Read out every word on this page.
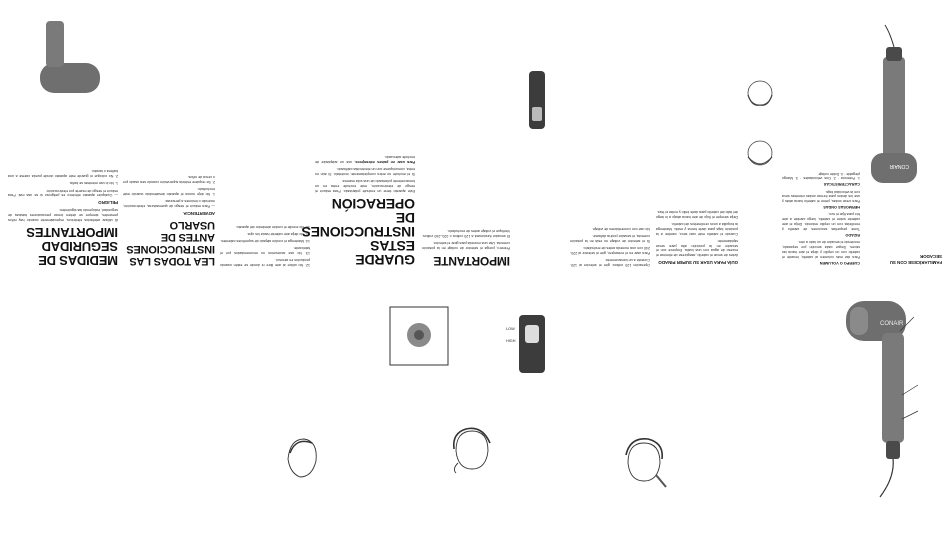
FAMILIARÍCESE CON SU SECADOR
CONAIR
CUERPO O VOLUMEN

Para dar más volumen al cabello, levante el cabello con un cepillo y dirija el aire hacia las raíces. Seque cada sección por separado, moviendo el secador de un lado a otro.

RIZADO

Tome pequeñas secciones de cabello y enróllelas con un cepillo redondo. Dirija el aire caliente sobre el cabello, luego cambie a aire frío para fijar el rizo.

HERMOSAS ONDAS

Para crear ondas, peine el cabello hacia atrás y use los dedos para formar ondas mientras seca con la velocidad baja.

CARACTERÍSTICAS

1. Potencia · 2. Dos velocidades · 3. Mango plegable · 4. Doble voltaje

GUÍA PARA USAR SU SUPER PINADO

Antes de secar el cabello, asegúrese de eliminar el exceso de agua con una toalla. Empiece con el secador en la posición alta para secar rápidamente.

Cuando el cabello esté casi seco, cambie a la posición baja para darle forma y estilo. Mantenga la boquilla a unos centímetros del cabello.

Dirija siempre el flujo de aire hacia abajo a lo largo del tallo del cabello para darle brillo y evitar el frizz.

Operación 120 voltios: gire el selector al 120. Conecte a un tomacorriente.

Para usar en el extranjero, gire el selector al 220-240 con una moneda antes de enchufarlo.

Si el selector de voltaje no está en la posición correcta, el secador podría dañarse.

No use con convertidores de voltaje.

IMPORTANTE

Primero, ponga el selector de voltaje en la posición correcta. Use una moneda para girar el selector.

El secador funcionará a 120 voltios o 220–240 voltios. Verifique el voltaje antes de enchufarlo.

GUARDE ESTAS INSTRUCCIONES DE OPERACIÓN

Este aparato tiene un enchufe polarizado. Para reducir el riesgo de electrocución, este enchufe entra en un tomacorriente polarizado de una sola manera.

Si el enchufe no entra completamente, inviértalo. Si aún no entra, comuníquese con un electricista calificado.

Para usar en países extranjeros, use un adaptador de enchufe adecuado.

12. No utilice al aire libre ni donde se estén usando productos en aerosol.

13. No use accesorios no recomendados por el fabricante.

14. Mantenga el cordón alejado de superficies calientes.

15. No dirija aire caliente hacia los ojos.

16. No enrolle el cordón alrededor del aparato.

LEA TODAS LAS INSTRUCCIONES ANTES DE USARLO
ADVERTENCIA

— Para reducir el riesgo de quemaduras, electrocución, incendio o lesiones a personas:

1. No deje nunca el aparato desatendido cuando esté enchufado.

2. Se requiere estricta supervisión cuando sea usado por o cerca de niños.

MEDIDAS DE SEGURIDAD IMPORTANTES

Al utilizar artefactos eléctricos, especialmente cuando hay niños presentes, siempre se deben tomar precauciones básicas de seguridad, incluyendo las siguientes:

PELIGRO

— Cualquier aparato eléctrico es peligroso si se usa mal. Para reducir el riesgo de muerte por electrocución:

1. No lo use mientras se baña.

2. No coloque ni guarde este aparato donde pueda caerse a una bañera o lavabo.

CONAIR
LOW
HIGH
